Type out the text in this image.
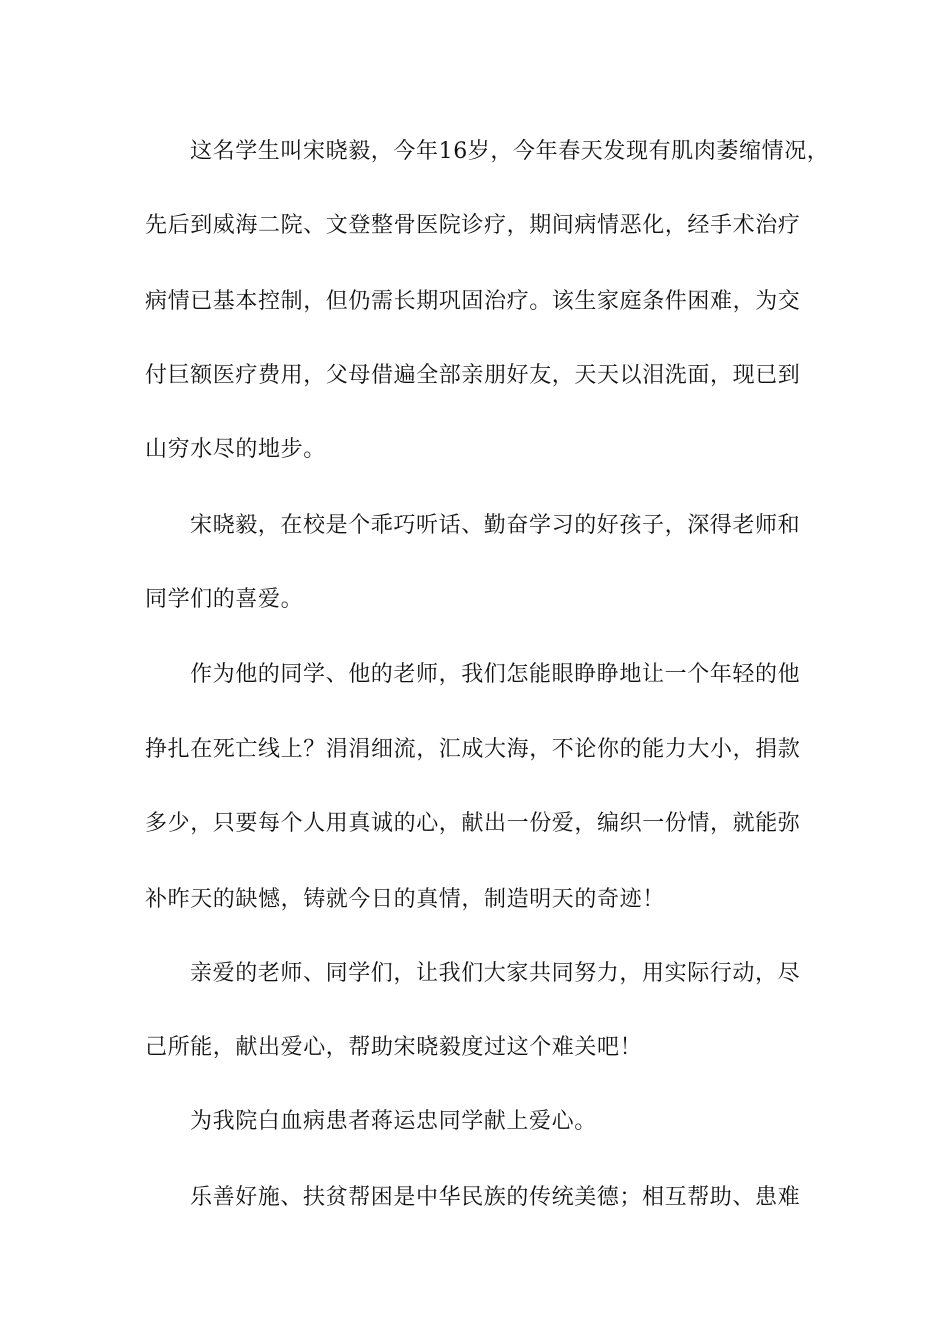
这名学生叫宋晓毅，今年16岁，今年春天发现有肌肉萎缩情况，
先后到威海二院、文登整骨医院诊疗，期间病情恶化，经手术治疗
病情已基本控制，但仍需长期巩固治疗。该生家庭条件困难，为交
付巨额医疗费用，父母借遍全部亲朋好友，天天以泪洗面，现已到
山穷水尽的地步。
宋晓毅，在校是个乖巧听话、勤奋学习的好孩子，深得老师和
同学们的喜爱。
作为他的同学、他的老师，我们怎能眼睁睁地让一个年轻的他
挣扎在死亡线上？涓涓细流，汇成大海，不论你的能力大小，捐款
多少，只要每个人用真诚的心，献出一份爱，编织一份情，就能弥
补昨天的缺憾，铸就今日的真情，制造明天的奇迹！
亲爱的老师、同学们，让我们大家共同努力，用实际行动，尽
己所能，献出爱心，帮助宋晓毅度过这个难关吧！
为我院白血病患者蒋运忠同学献上爱心。
乐善好施、扶贫帮困是中华民族的传统美德；相互帮助、患难
